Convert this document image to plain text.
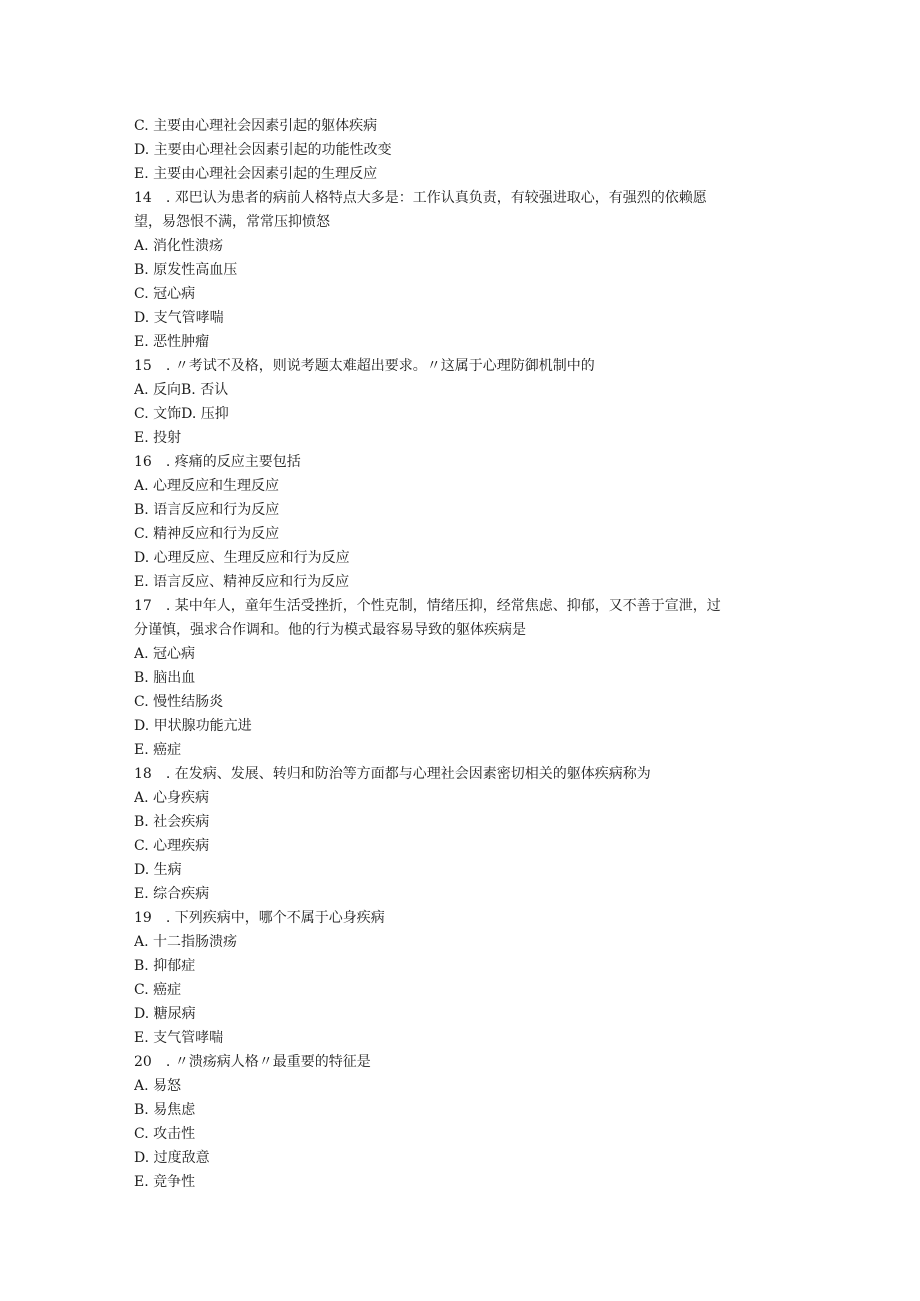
C. 主要由心理社会因素引起的躯体疾病
D. 主要由心理社会因素引起的功能性改变
E. 主要由心理社会因素引起的生理反应
14　. 邓巴认为患者的病前人格特点大多是：工作认真负责，有较强进取心，有强烈的依赖愿
望，易怨恨不满，常常压抑愤怒
A. 消化性溃疡
B. 原发性高血压
C. 冠心病
D. 支气管哮喘
E. 恶性肿瘤
15　. 〃考试不及格，则说考题太难超出要求。〃这属于心理防御机制中的
A. 反向B. 否认
C. 文饰D. 压抑
E. 投射
16　. 疼痛的反应主要包括
A. 心理反应和生理反应
B. 语言反应和行为反应
C. 精神反应和行为反应
D. 心理反应、生理反应和行为反应
E. 语言反应、精神反应和行为反应
17　. 某中年人，童年生活受挫折，个性克制，情绪压抑，经常焦虑、抑郁，又不善于宣泄，过
分谨慎，强求合作调和。他的行为模式最容易导致的躯体疾病是
A. 冠心病
B. 脑出血
C. 慢性结肠炎
D. 甲状腺功能亢进
E. 癌症
18　. 在发病、发展、转归和防治等方面都与心理社会因素密切相关的躯体疾病称为
A. 心身疾病
B. 社会疾病
C. 心理疾病
D. 生病
E. 综合疾病
19　. 下列疾病中，哪个不属于心身疾病
A. 十二指肠溃疡
B. 抑郁症
C. 癌症
D. 糖尿病
E. 支气管哮喘
20　. 〃溃疡病人格〃最重要的特征是
A. 易怒
B. 易焦虑
C. 攻击性
D. 过度敌意
E. 竞争性
